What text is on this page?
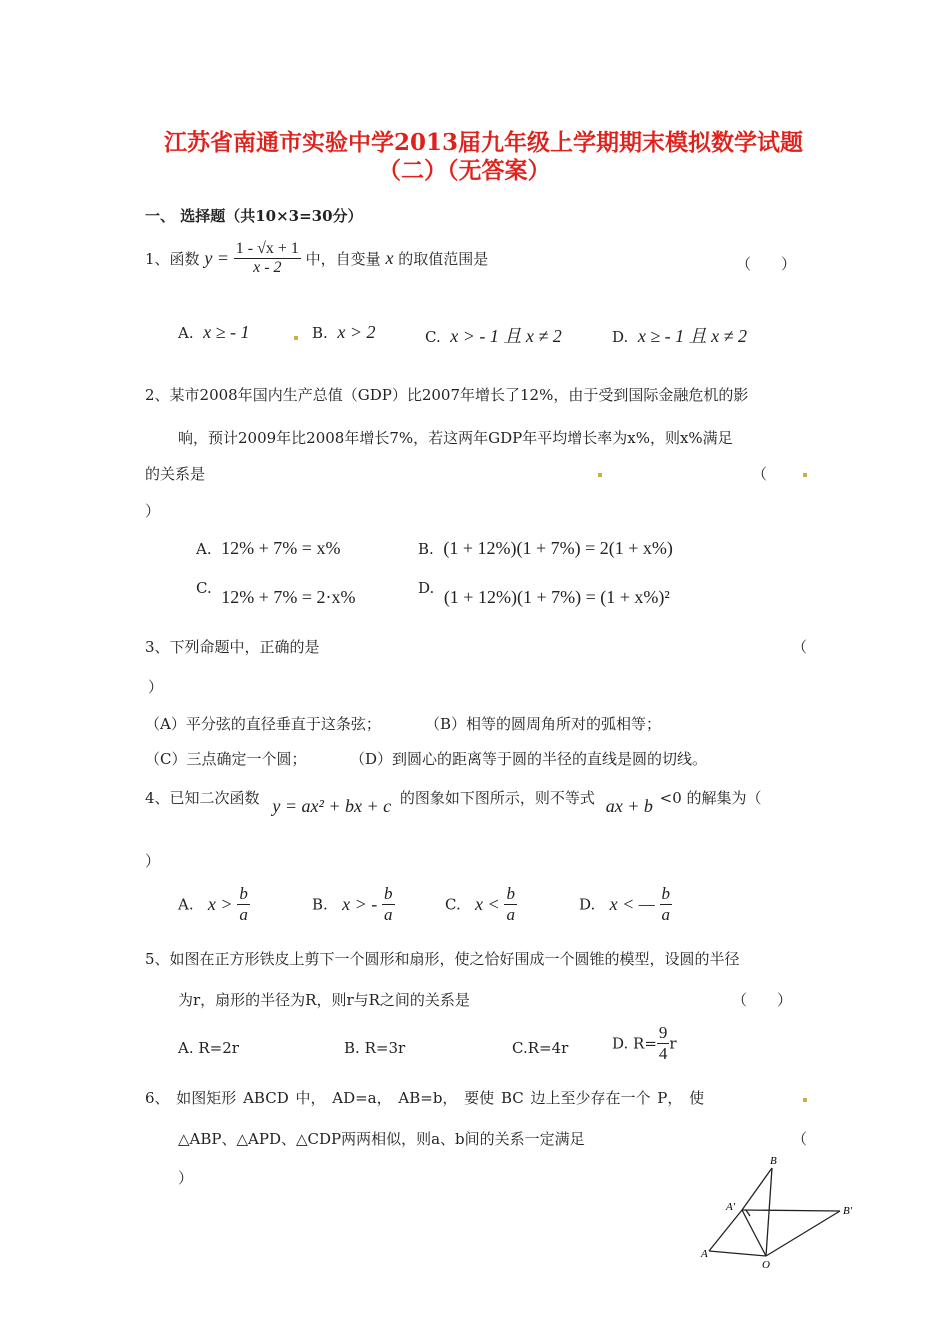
江苏省南通市实验中学2013届九年级上学期期末模拟数学试题
（二）（无答案）
一、 选择题（共10×3=30分）
1、函数 $y = \frac{1 - √x + 1}{x - 2}$ 中，自变量 x 的取值范围是	（　　）
A. x ≥ - 1	B. x > 2	C. x > - 1 且 x ≠ 2	D. x ≥ - 1 且 x ≠ 2
2、某市2008年国内生产总值（GDP）比2007年增长了12%，由于受到国际金融危机的影
响，预计2009年比2008年增长7%，若这两年GDP年平均增长率为x%，则x%满足
的关系是	（
）
A. 12% + 7% = x%	B. (1 + 12%)(1 + 7%) = 2(1 + x%)
C. 12% + 7% = 2·x%	D. (1 + 12%)(1 + 7%) = (1 + x%)²
3、下列命题中，正确的是	（
）
（A）平分弦的直径垂直于这条弦；	（B）相等的圆周角所对的弧相等；
（C）三点确定一个圆；	（D）到圆心的距离等于圆的半径的直线是圆的切线。
4、已知二次函数 y = ax² + bx + c 的图象如下图所示，则不等式 ax + b <0 的解集为（
）
A. $x > \frac{b}{a}$	B. x > - $\frac{b}{a}$	C. $x < \frac{b}{a}$	D. x < — $\frac{b}{a}$
5、如图在正方形铁皮上剪下一个圆形和扇形，使之恰好围成一个圆锥的模型，设圆的半径
为r，扇形的半径为R，则r与R之间的关系是	（　　）
A. R=2r	B. R=3r	C.R=4r	D. $R= \frac{9}{4}$ r
6、 如图矩形 ABCD 中， AD=a， AB=b， 要使 BC 边上至少存在一个 P， 使
△ABP、△APD、△CDP两两相似，则a、b间的关系一定满足	（
）
B
A'	B'
A
O
